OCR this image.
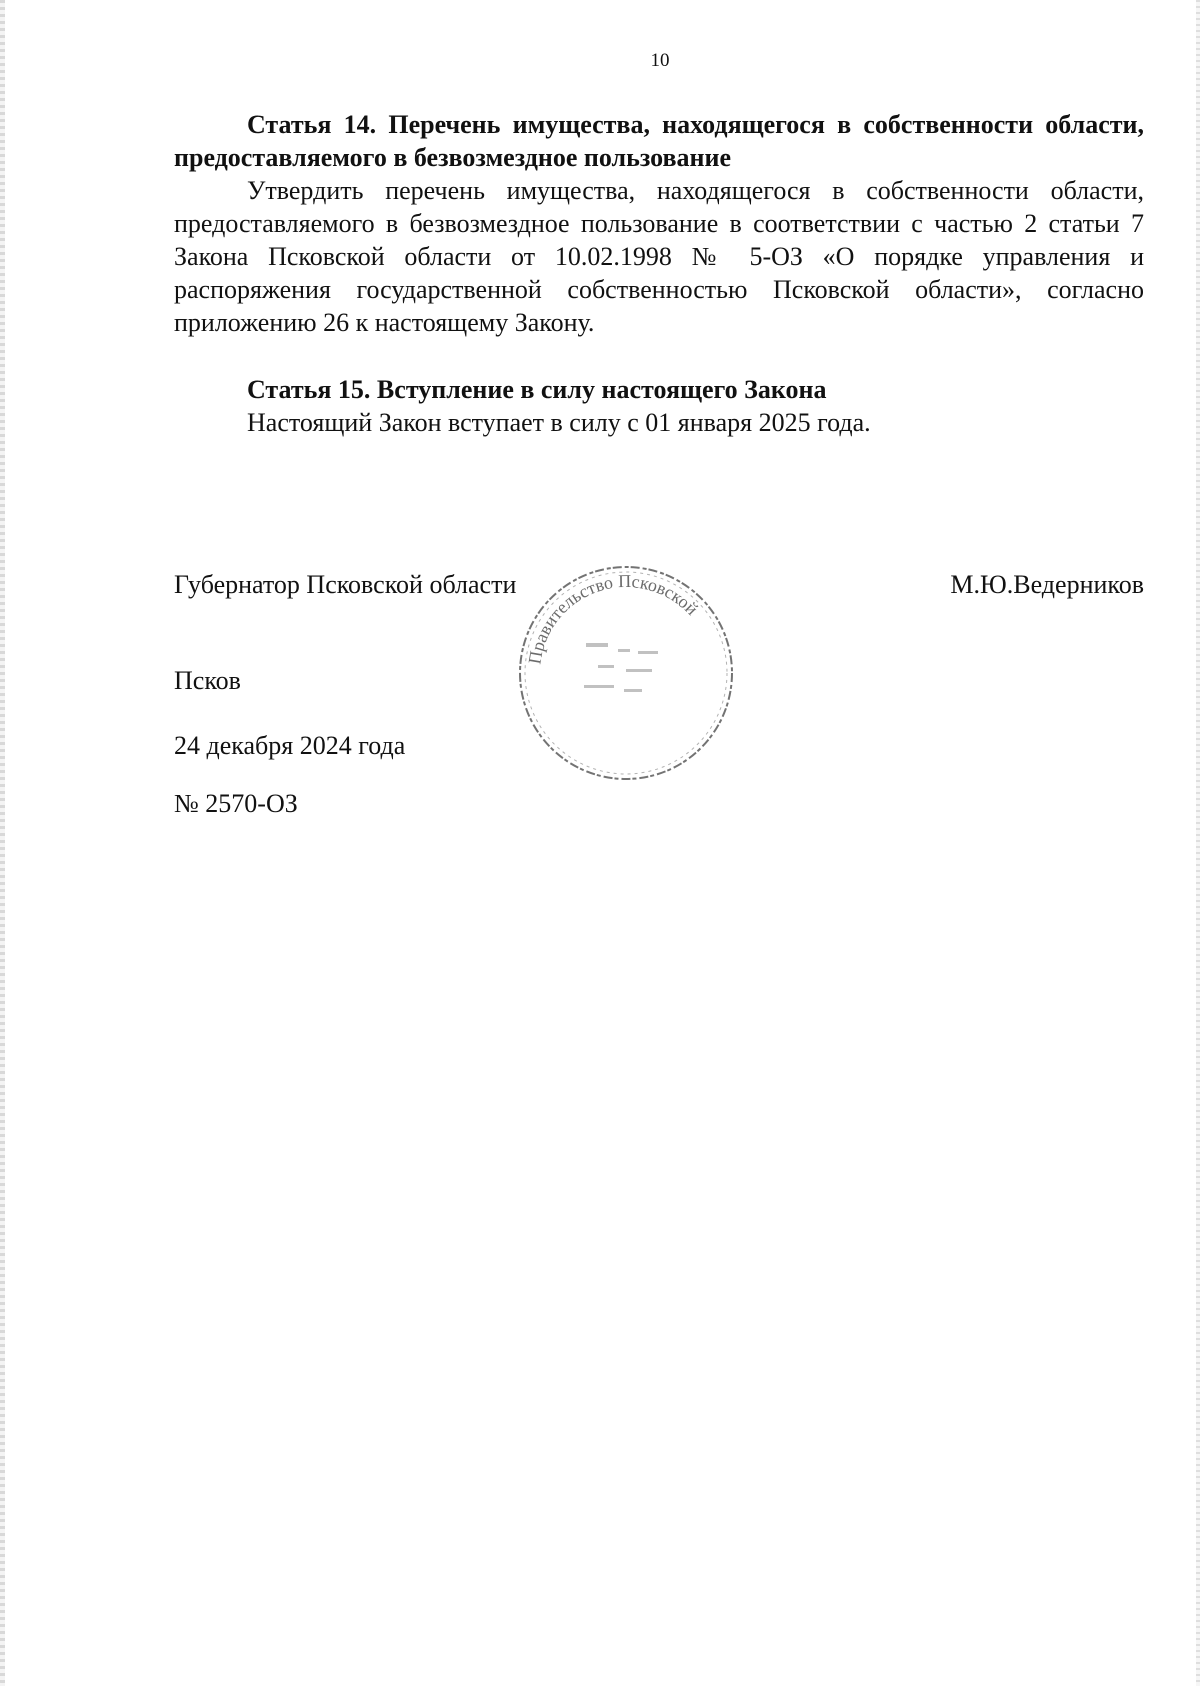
10

Статья 14. Перечень имущества, находящегося в собственности области, предоставляемого в безвозмездное пользование

Утвердить перечень имущества, находящегося в собственности области, предоставляемого в безвозмездное пользование в соответствии с частью 2 статьи 7 Закона Псковской области от 10.02.1998 № 5-ОЗ «О порядке управления и распоряжения государственной собственностью Псковской области», согласно приложению 26 к настоящему Закону.

Статья 15. Вступление в силу настоящего Закона

Настоящий Закон вступает в силу с 01 января 2025 года.

Губернатор Псковской области	М.Ю.Ведерников
Правительство Псковской
Псков
24 декабря 2024 года
№ 2570-ОЗ
